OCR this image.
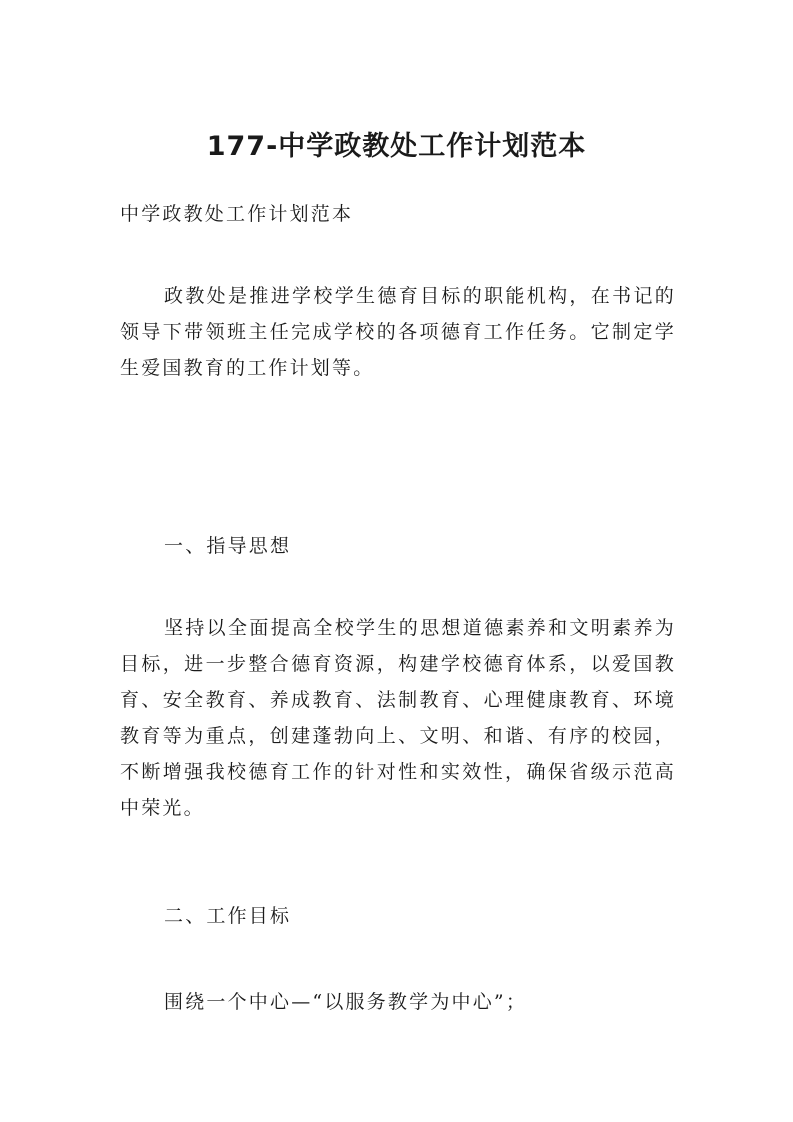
177-中学政教处工作计划范本

中学政教处工作计划范本

政教处是推进学校学生德育目标的职能机构，在书记的领导下带领班主任完成学校的各项德育工作任务。它制定学生爱国教育的工作计划等。

一、指导思想

坚持以全面提高全校学生的思想道德素养和文明素养为目标，进一步整合德育资源，构建学校德育体系，以爱国教育、安全教育、养成教育、法制教育、心理健康教育、环境教育等为重点，创建蓬勃向上、文明、和谐、有序的校园，不断增强我校德育工作的针对性和实效性，确保省级示范高中荣光。

二、工作目标

围绕一个中心—“以服务教学为中心”；
